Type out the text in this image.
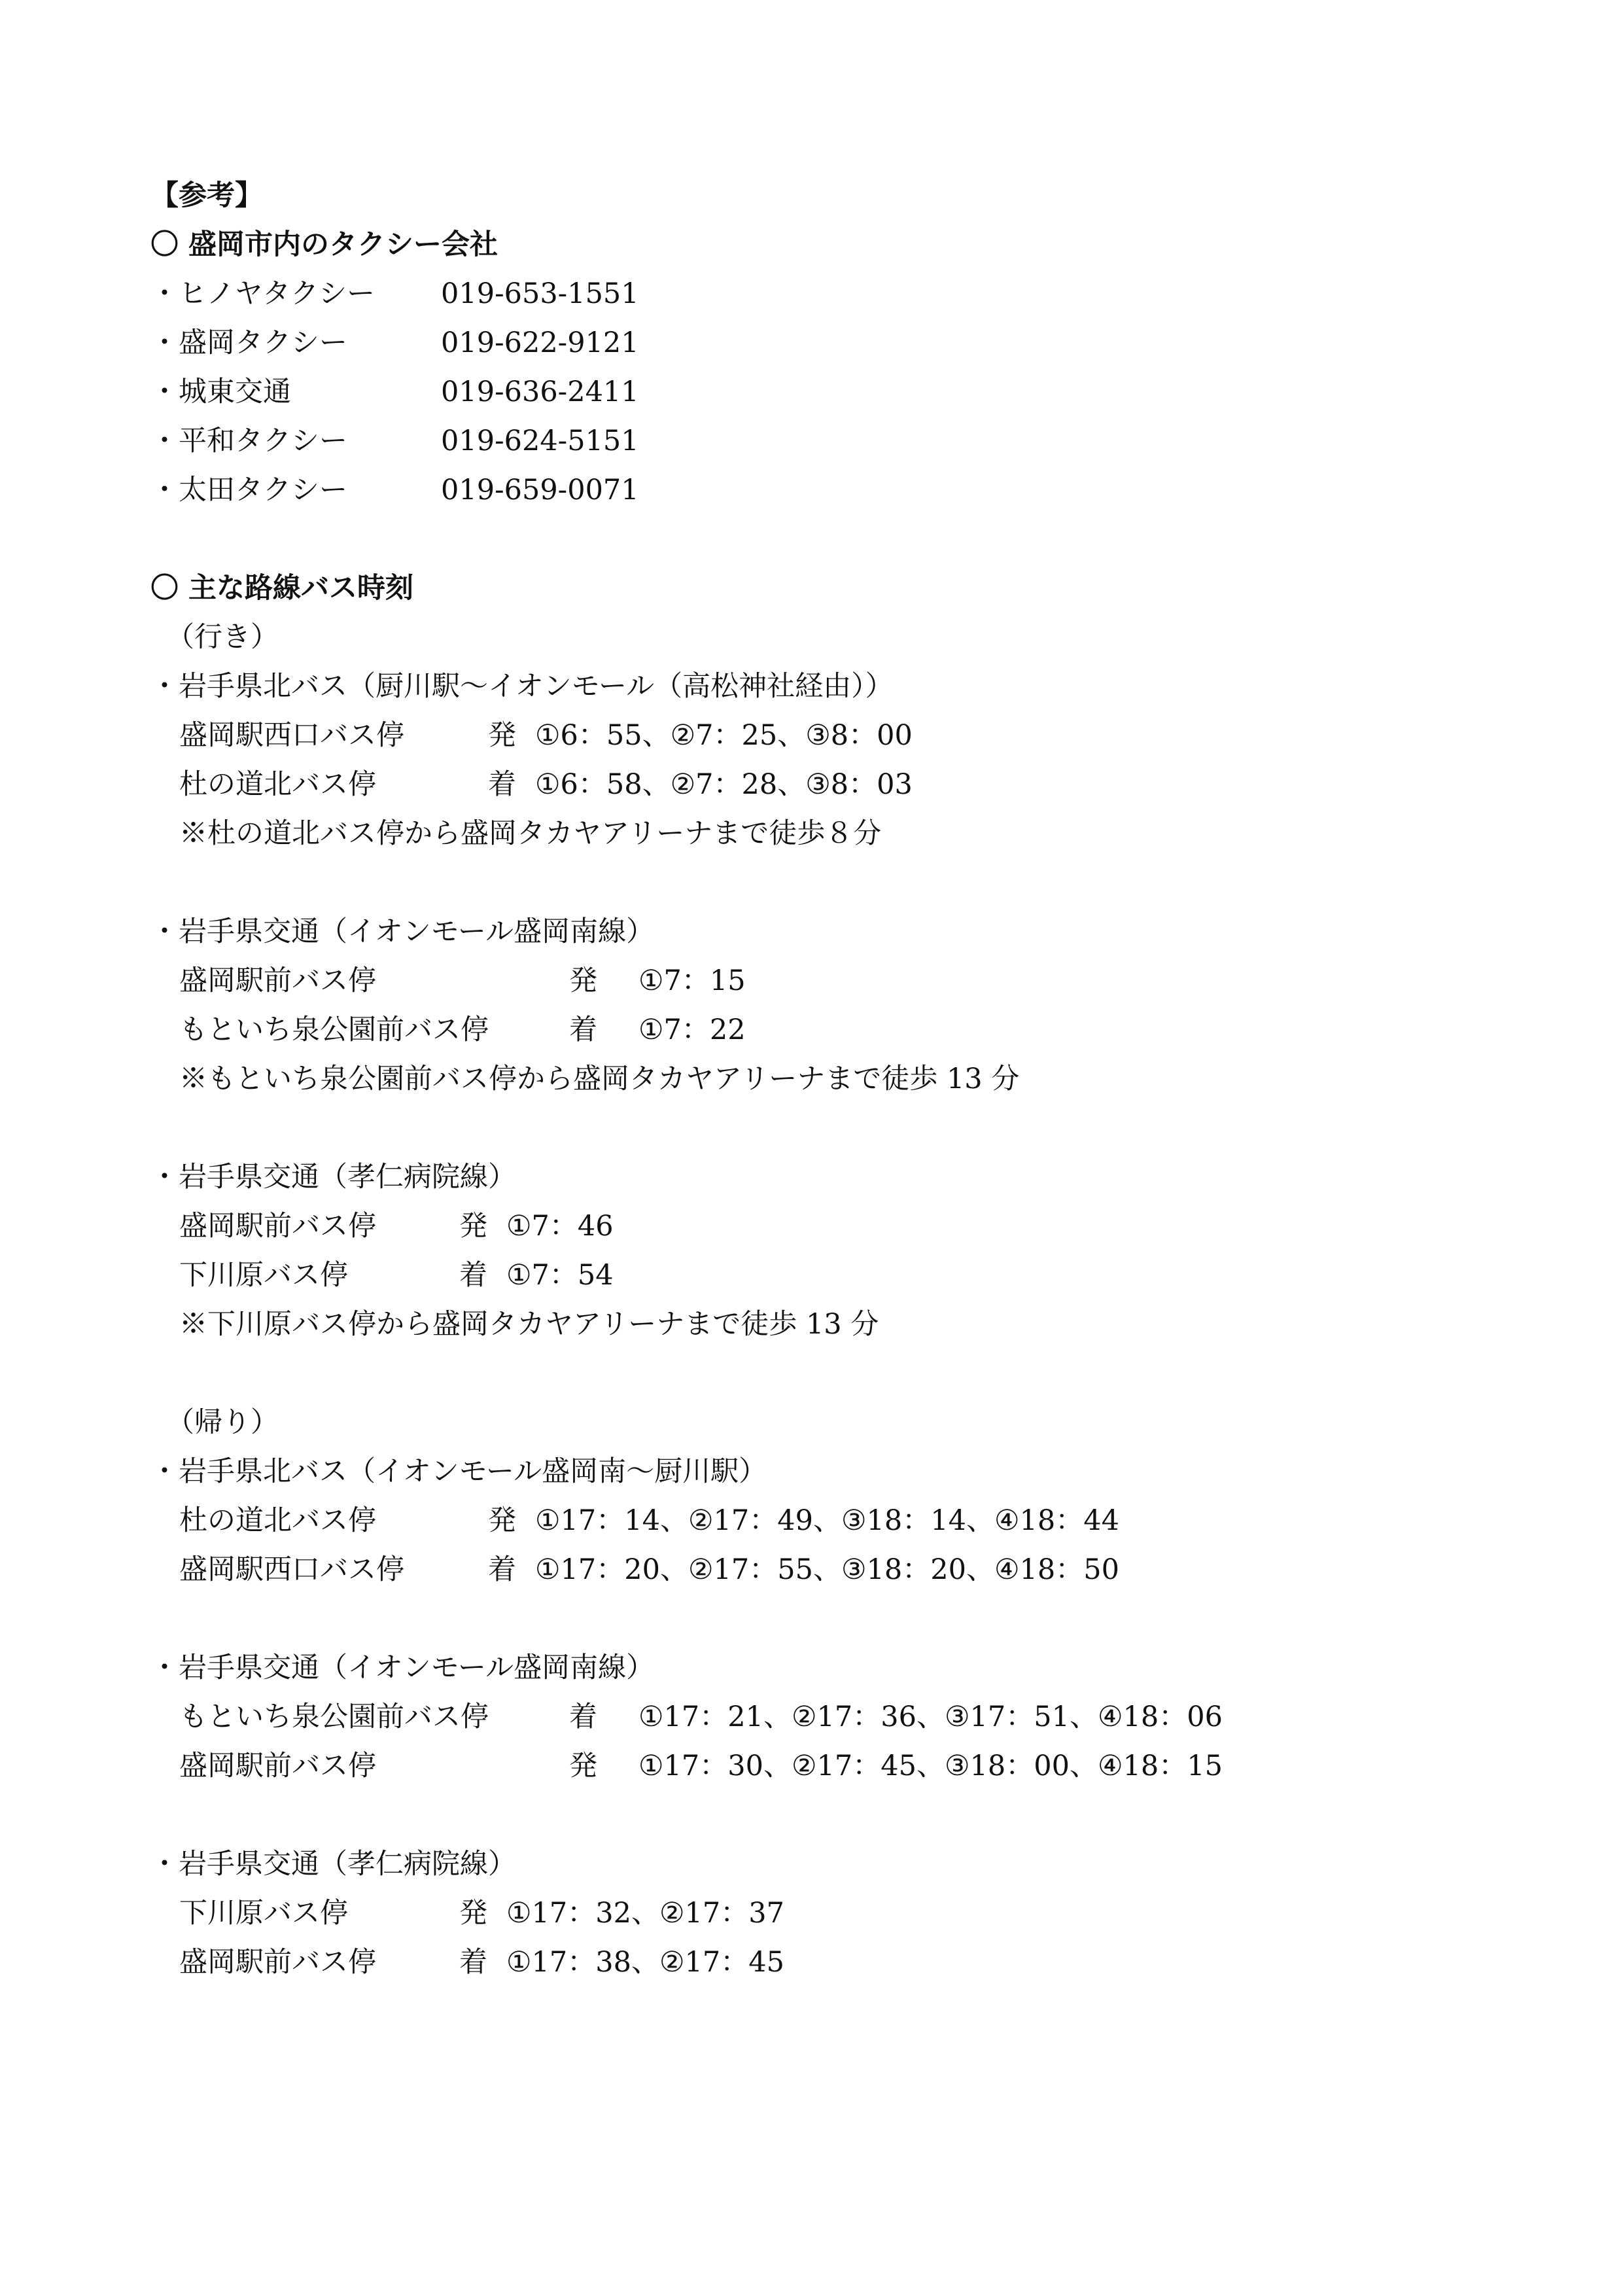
【参考】
〇 盛岡市内のタクシー会社
・ヒノヤタクシー 019-653-1551
・盛岡タクシー	019-622-9121
・城東交通	019-636-2411
・平和タクシー	019-624-5151
・太田タクシー	019-659-0071
〇 主な路線バス時刻
（行き）
・岩手県北バス（厨川駅～イオンモール（高松神社経由））
盛岡駅西口バス停	発 ①6：55、②7：25、③8：00
杜の道北バス停	着 ①6：58、②7：28、③8：03
※杜の道北バス停から盛岡タカヤアリーナまで徒歩８分
・岩手県交通（イオンモール盛岡南線）
盛岡駅前バス停	発 ①7：15
もといち泉公園前バス停	着 ①7：22
※もといち泉公園前バス停から盛岡タカヤアリーナまで徒歩 13 分
・岩手県交通（孝仁病院線）
盛岡駅前バス停	発 ①7：46
下川原バス停	着 ①7：54
※下川原バス停から盛岡タカヤアリーナまで徒歩 13 分
（帰り）
・岩手県北バス（イオンモール盛岡南～厨川駅）
杜の道北バス停	発 ①17：14、②17：49、③18：14、④18：44
盛岡駅西口バス停	着 ①17：20、②17：55、③18：20、④18：50
・岩手県交通（イオンモール盛岡南線）
もといち泉公園前バス停	着 ①17：21、②17：36、③17：51、④18：06
盛岡駅前バス停	発 ①17：30、②17：45、③18：00、④18：15
・岩手県交通（孝仁病院線）
下川原バス停	発 ①17：32、②17：37
盛岡駅前バス停	着 ①17：38、②17：45
